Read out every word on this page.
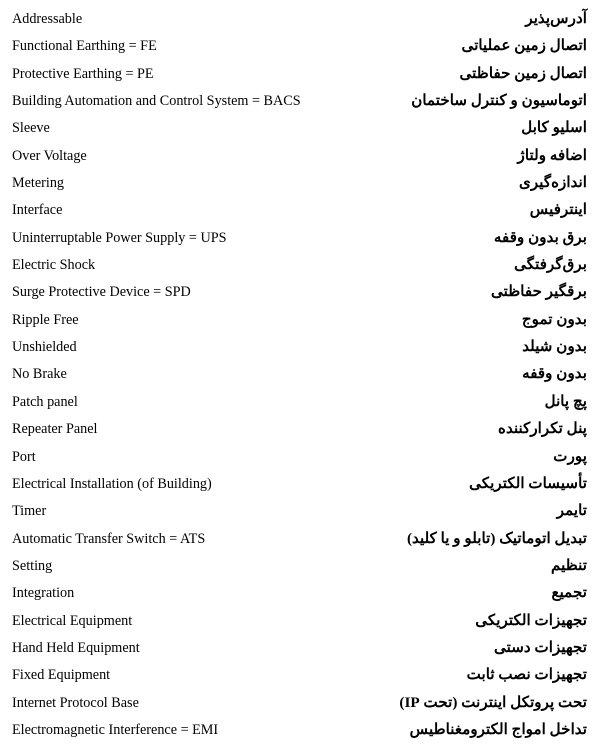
Addressable	آدرس‌پذیر
Functional Earthing = FE	اتصال زمین عملیاتی
Protective Earthing = PE	اتصال زمین حفاظتی
Building Automation and Control System = BACS	اتوماسیون و کنترل ساختمان
Sleeve	اسلیو کابل
Over Voltage	اضافه ولتاژ
Metering	اندازه‌گیری
Interface	اینترفیس
Uninterruptable Power Supply = UPS	برق بدون وقفه
Electric Shock	برق‌گرفتگی
Surge Protective Device = SPD	برقگیر حفاظتی
Ripple Free	بدون تموج
Unshielded	بدون شیلد
No Brake	بدون وقفه
Patch panel	پچ پانل
Repeater Panel	پنل تکرارکننده
Port	پورت
Electrical Installation (of Building)	تأسیسات الکتریکی
Timer	تایمر
Automatic Transfer Switch = ATS	تبدیل اتوماتیک (تابلو و یا کلید)
Setting	تنظیم
Integration	تجمیع
Electrical Equipment	تجهیزات الکتریکی
Hand Held Equipment	تجهیزات دستی
Fixed Equipment	تجهیزات نصب ثابت
Internet Protocol Base	تحت پروتکل اینترنت (تحت IP)
Electromagnetic Interference = EMI	تداخل امواج الکترومغناطیس
